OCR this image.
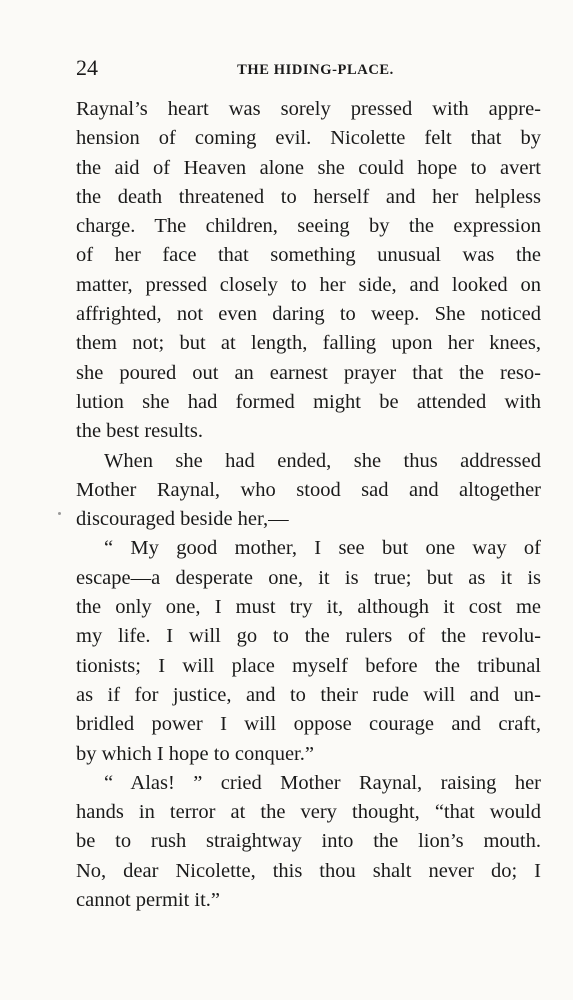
24	THE HIDING-PLACE.
Raynal’s heart was sorely pressed with appre-
hension of coming evil. Nicolette felt that by
the aid of Heaven alone she could hope to avert
the death threatened to herself and her helpless
charge. The children, seeing by the expression
of her face that something unusual was the
matter, pressed closely to her side, and looked on
affrighted, not even daring to weep. She noticed
them not; but at length, falling upon her knees,
she poured out an earnest prayer that the reso-
lution she had formed might be attended with
the best results.
When she had ended, she thus addressed
Mother Raynal, who stood sad and altogether
discouraged beside her,—
“ My good mother, I see but one way of
escape—a desperate one, it is true; but as it is
the only one, I must try it, although it cost me
my life. I will go to the rulers of the revolu-
tionists; I will place myself before the tribunal
as if for justice, and to their rude will and un-
bridled power I will oppose courage and craft,
by which I hope to conquer.”
“ Alas! ” cried Mother Raynal, raising her
hands in terror at the very thought, “that would
be to rush straightway into the lion’s mouth.
No, dear Nicolette, this thou shalt never do; I
cannot permit it.”
